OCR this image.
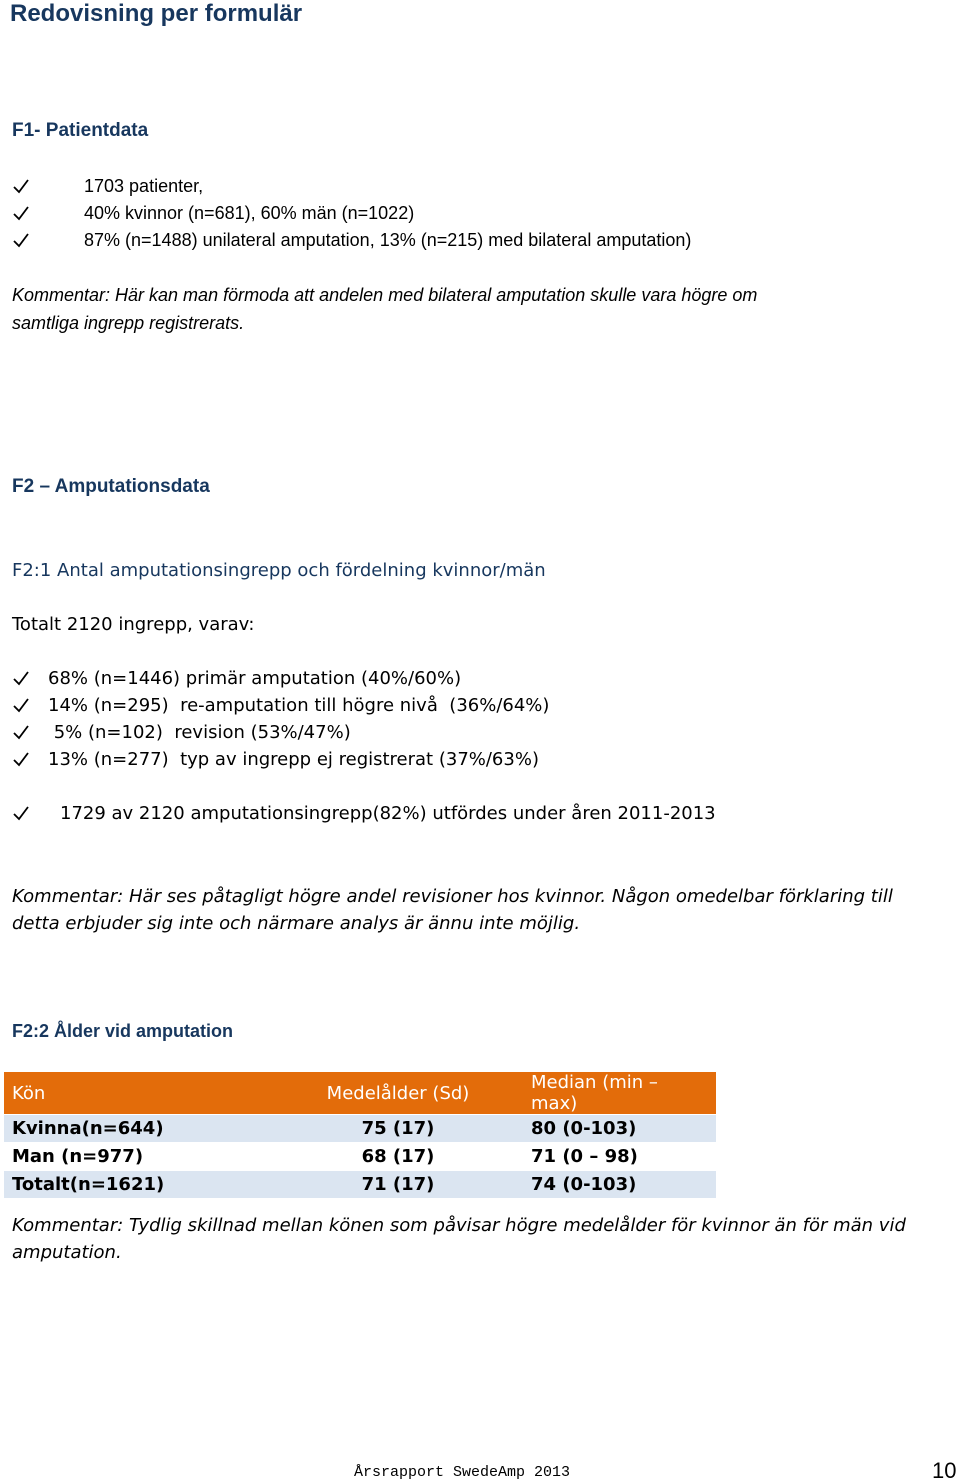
Redovisning per formulär
F1- Patientdata
1703 patienter,
40% kvinnor (n=681), 60% män (n=1022)
87% (n=1488) unilateral amputation, 13% (n=215) med bilateral amputation)
Kommentar: Här kan man förmoda att andelen med bilateral amputation skulle vara högre om
samtliga ingrepp registrerats.
F2 – Amputationsdata
F2:1 Antal amputationsingrepp och fördelning kvinnor/män
Totalt 2120 ingrepp, varav:
68% (n=1446) primär amputation (40%/60%)
14% (n=295)  re-amputation till högre nivå  (36%/64%)
5% (n=102)  revision (53%/47%)
13% (n=277)  typ av ingrepp ej registrerat (37%/63%)
1729 av 2120 amputationsingrepp(82%) utfördes under åren 2011-2013
Kommentar: Här ses påtagligt högre andel revisioner hos kvinnor. Någon omedelbar förklaring till
detta erbjuder sig inte och närmare analys är ännu inte möjlig.
F2:2 Ålder vid amputation
Kön	Medelålder (Sd)	Median (min – max)
Kvinna(n=644)	75 (17)	80 (0-103)
Man (n=977)	68 (17)	71 (0 – 98)
Totalt(n=1621)	71 (17)	74 (0-103)
Kommentar: Tydlig skillnad mellan könen som påvisar högre medelålder för kvinnor än för män vid
amputation.
Årsrapport SwedeAmp 2013	10
